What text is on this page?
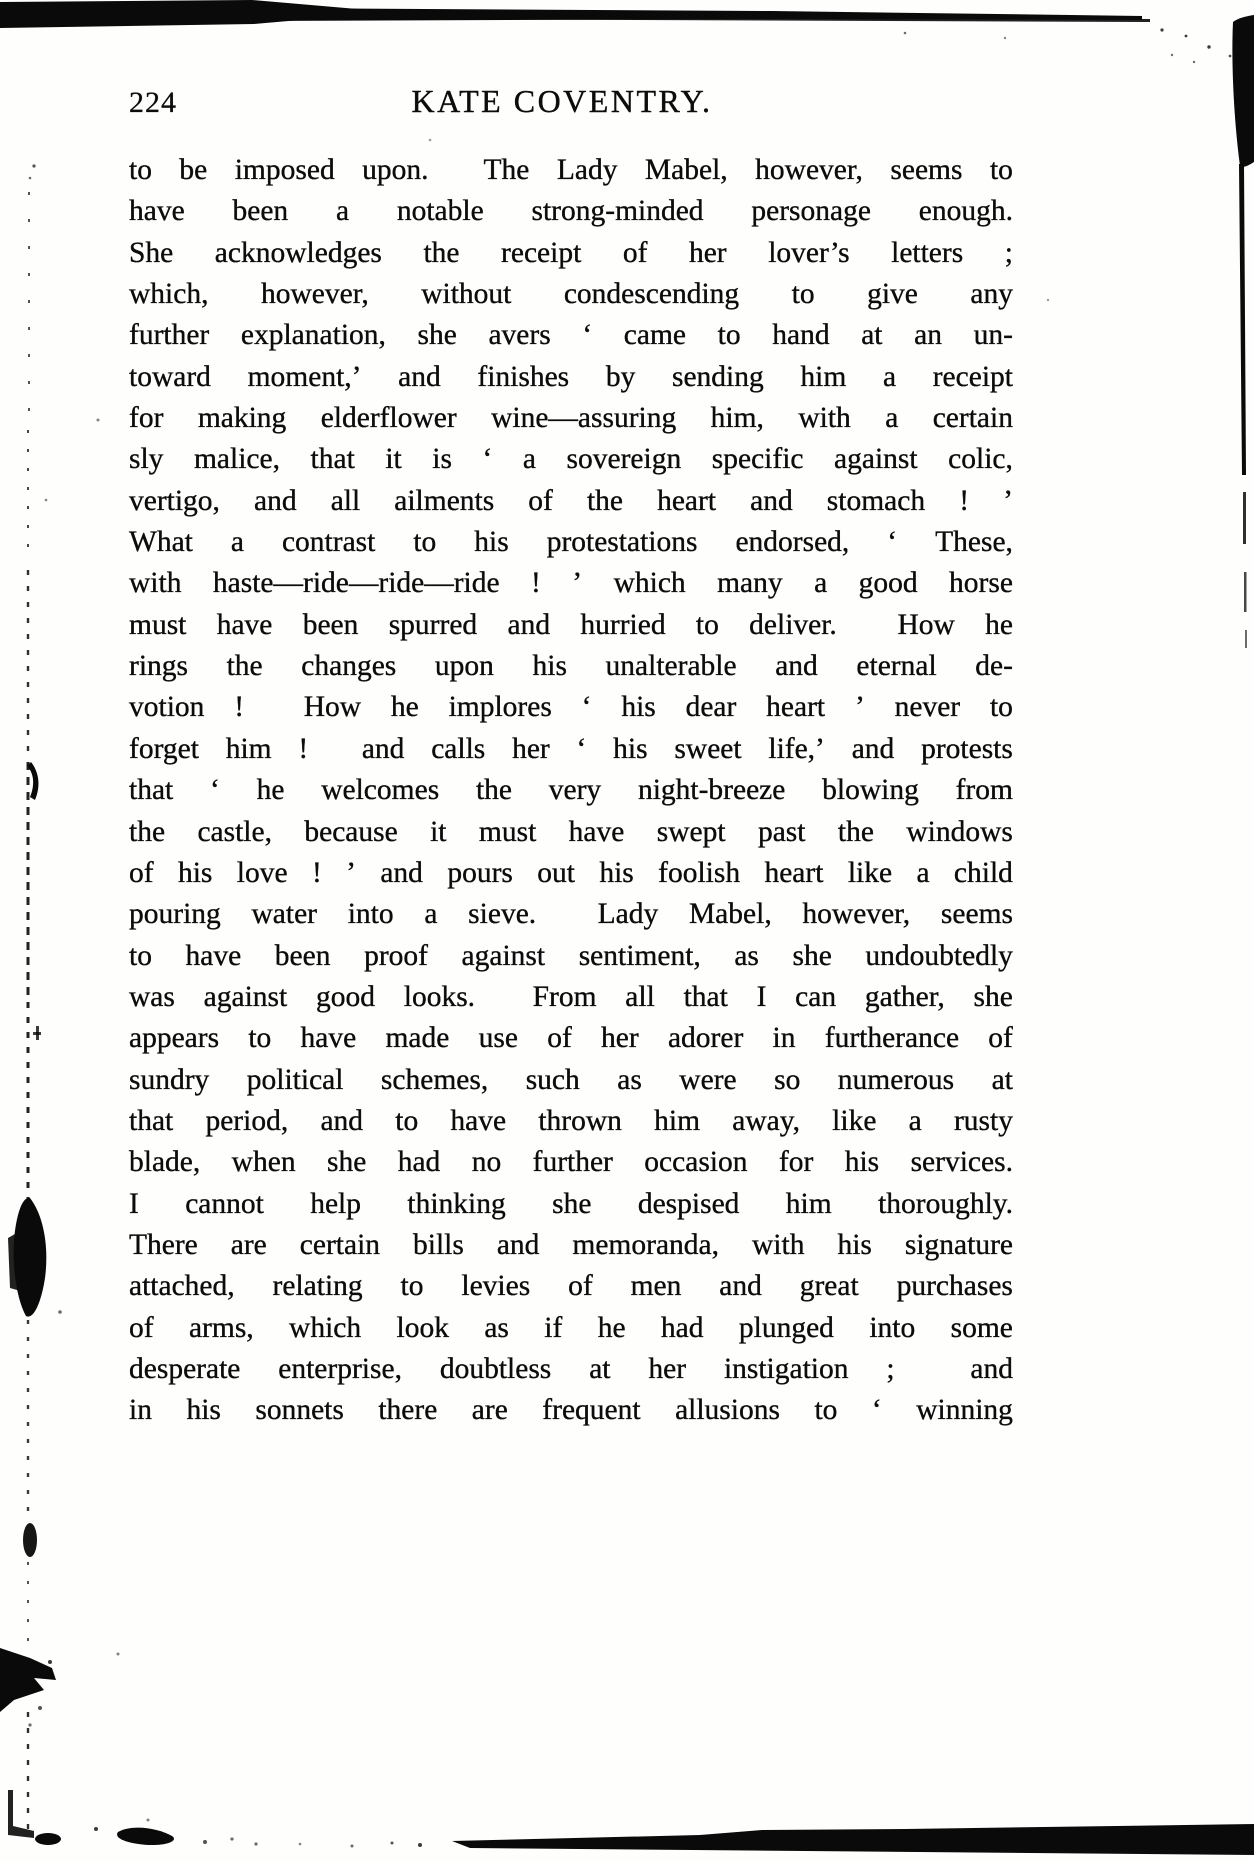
224	KATE COVENTRY.
to be imposed upon. The Lady Mabel, however, seems to
have been a notable strong-minded personage enough.
She acknowledges the receipt of her lover’s letters ;
which, however, without condescending to give any
further explanation, she avers ‘ came to hand at an un-
toward moment,’ and finishes by sending him a receipt
for making elderflower wine—assuring him, with a certain
sly malice, that it is ‘ a sovereign specific against colic,
vertigo, and all ailments of the heart and stomach ! ’
What a contrast to his protestations endorsed, ‘ These,
with haste—ride—ride—ride ! ’ which many a good horse
must have been spurred and hurried to deliver. How he
rings the changes upon his unalterable and eternal de-
votion ! How he implores ‘ his dear heart ’ never to
forget him ! and calls her ‘ his sweet life,’ and protests
that ‘ he welcomes the very night-breeze blowing from
the castle, because it must have swept past the windows
of his love ! ’ and pours out his foolish heart like a child
pouring water into a sieve. Lady Mabel, however, seems
to have been proof against sentiment, as she undoubtedly
was against good looks. From all that I can gather, she
appears to have made use of her adorer in furtherance of
sundry political schemes, such as were so numerous at
that period, and to have thrown him away, like a rusty
blade, when she had no further occasion for his services.
I cannot help thinking she despised him thoroughly.
There are certain bills and memoranda, with his signature
attached, relating to levies of men and great purchases
of arms, which look as if he had plunged into some
desperate enterprise, doubtless at her instigation ;	and
in his sonnets there are frequent allusions to ‘ winning
